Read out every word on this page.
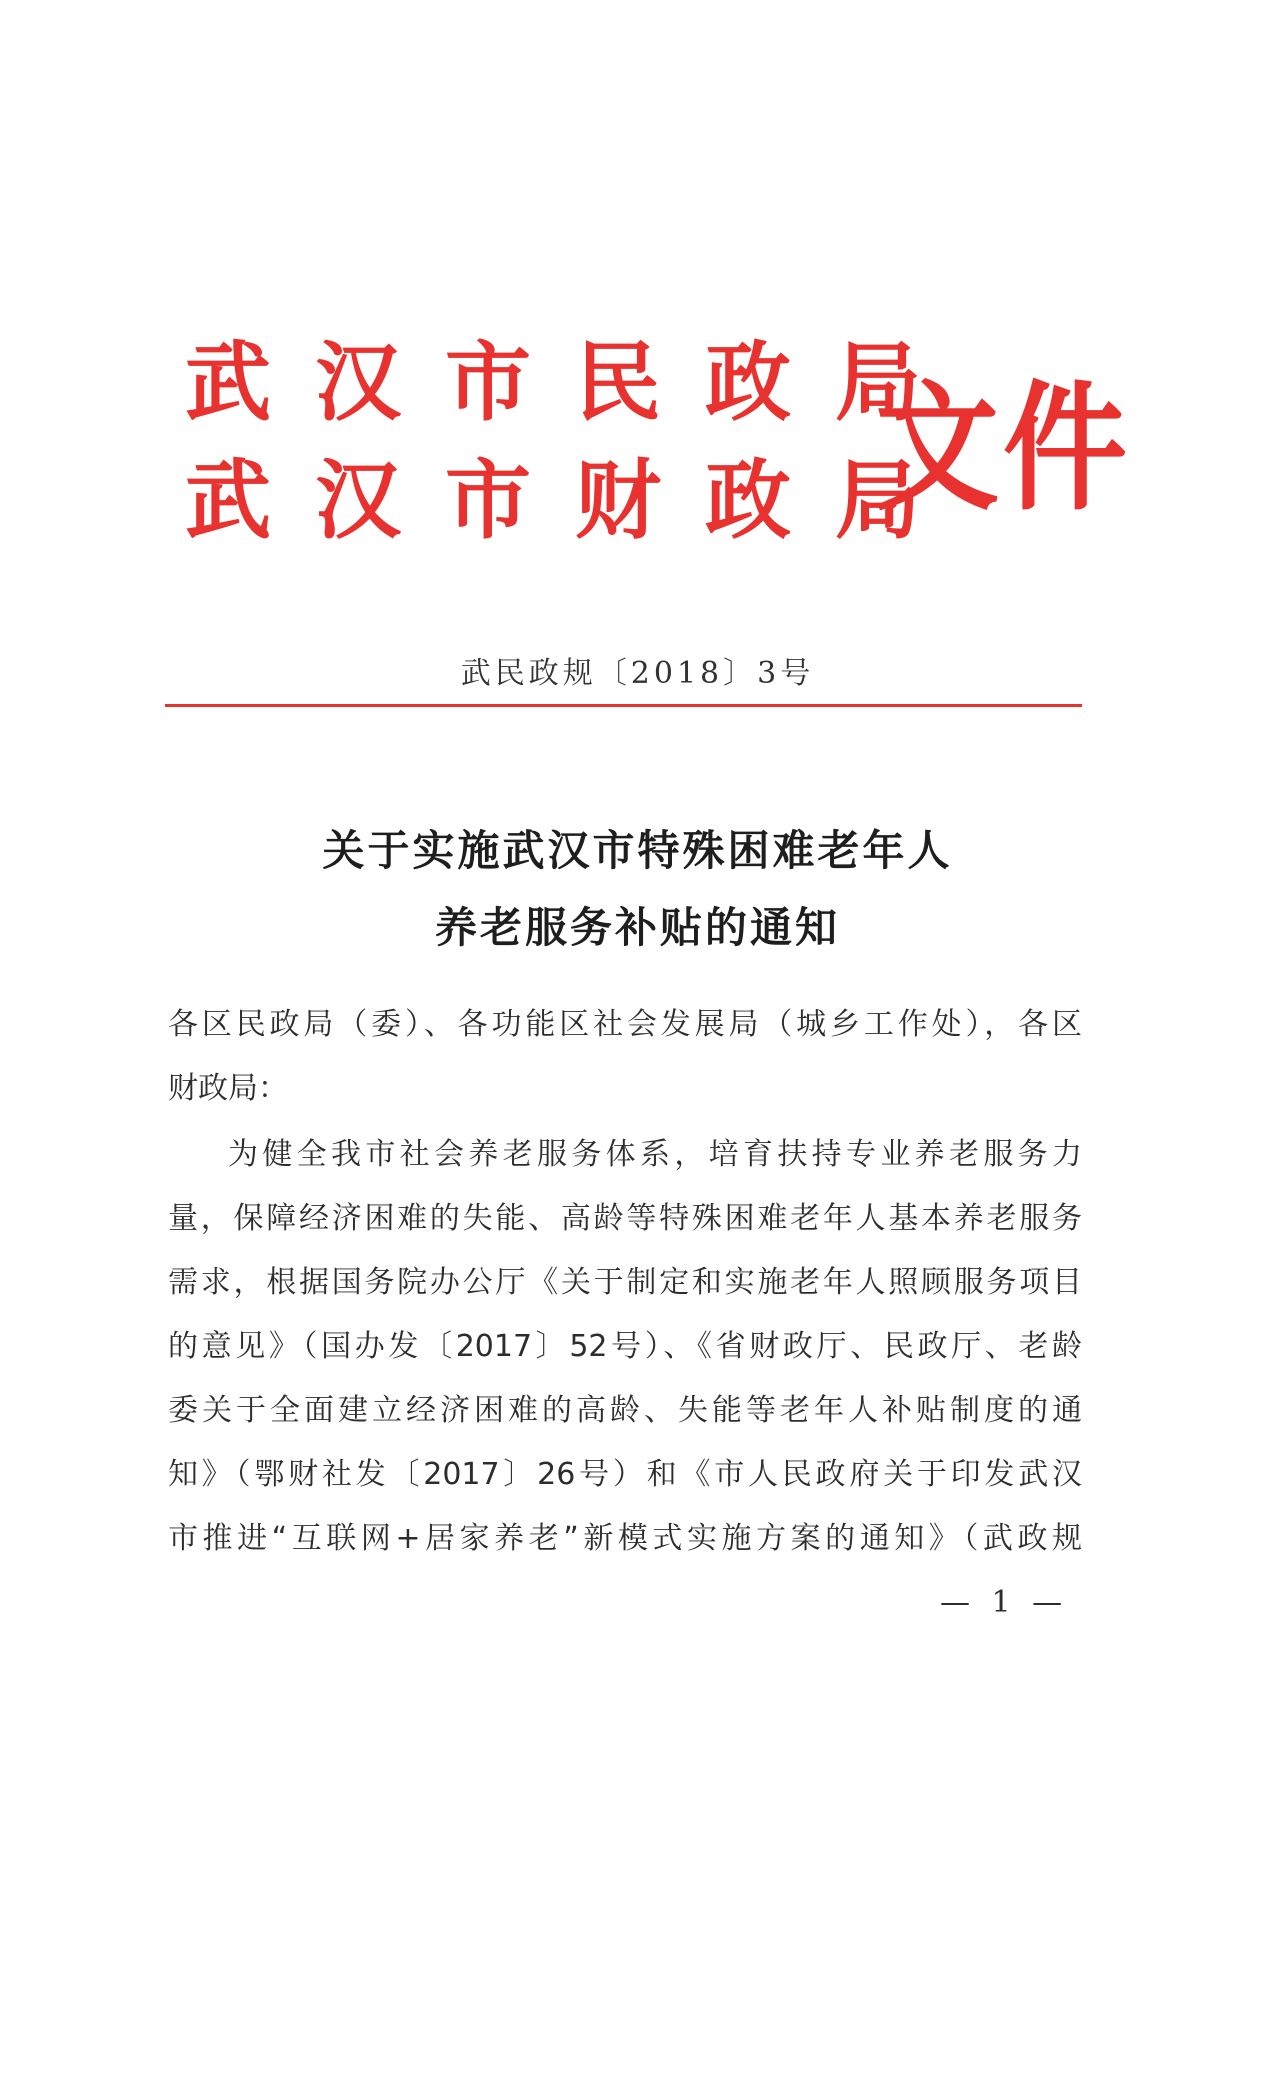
武汉市民政局
武汉市财政局
文件
武民政规〔2018〕3号
关于实施武汉市特殊困难老年人
养老服务补贴的通知
各区民政局（委）、各功能区社会发展局（城乡工作处），各区
财政局：
为健全我市社会养老服务体系，培育扶持专业养老服务力
量，保障经济困难的失能、高龄等特殊困难老年人基本养老服务
需求，根据国务院办公厅《关于制定和实施老年人照顾服务项目
的意见》（国办发〔2017〕52号）、《省财政厅、民政厅、老龄
委关于全面建立经济困难的高龄、失能等老年人补贴制度的通
知》（鄂财社发〔2017〕26号）和《市人民政府关于印发武汉
市推进“互联网+居家养老”新模式实施方案的通知》（武政规
— 1 —
